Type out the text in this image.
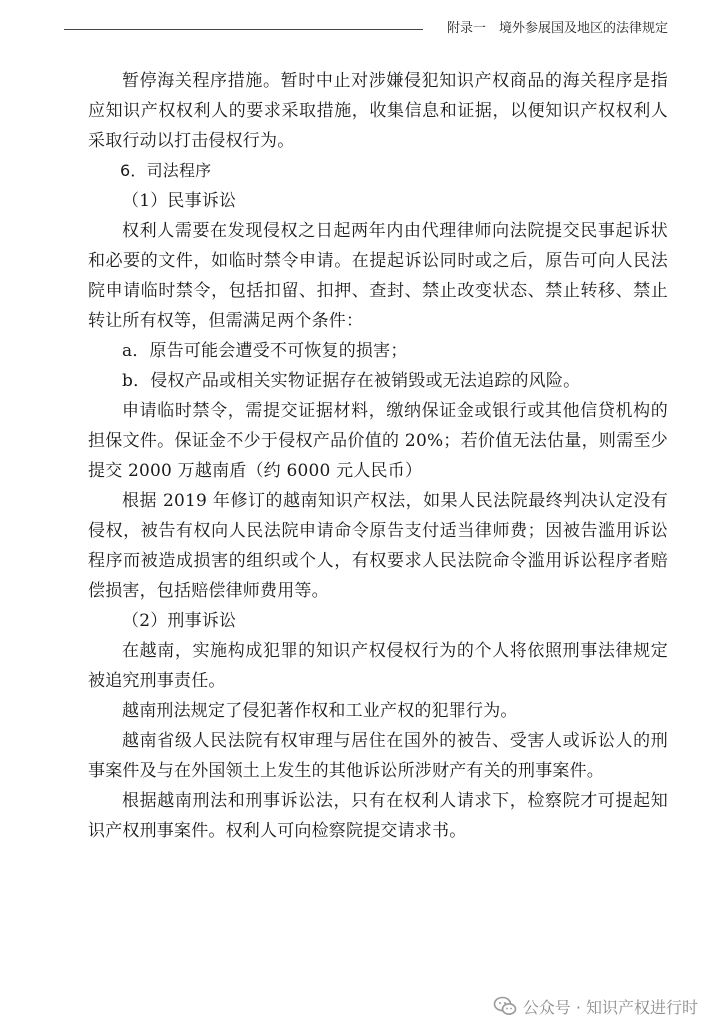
附录一　境外参展国及地区的法律规定

暂停海关程序措施。暂时中止对涉嫌侵犯知识产权商品的海关程序是指应知识产权权利人的要求采取措施，收集信息和证据，以便知识产权权利人采取行动以打击侵权行为。

6．司法程序

（1）民事诉讼

权利人需要在发现侵权之日起两年内由代理律师向法院提交民事起诉状和必要的文件，如临时禁令申请。在提起诉讼同时或之后，原告可向人民法院申请临时禁令，包括扣留、扣押、查封、禁止改变状态、禁止转移、禁止转让所有权等，但需满足两个条件：

a．原告可能会遭受不可恢复的损害；

b．侵权产品或相关实物证据存在被销毁或无法追踪的风险。

申请临时禁令，需提交证据材料，缴纳保证金或银行或其他信贷机构的担保文件。保证金不少于侵权产品价值的 20%；若价值无法估量，则需至少提交 2000 万越南盾（约 6000 元人民币）

根据 2019 年修订的越南知识产权法，如果人民法院最终判决认定没有侵权，被告有权向人民法院申请命令原告支付适当律师费；因被告滥用诉讼程序而被造成损害的组织或个人，有权要求人民法院命令滥用诉讼程序者赔偿损害，包括赔偿律师费用等。

（2）刑事诉讼

在越南，实施构成犯罪的知识产权侵权行为的个人将依照刑事法律规定被追究刑事责任。

越南刑法规定了侵犯著作权和工业产权的犯罪行为。

越南省级人民法院有权审理与居住在国外的被告、受害人或诉讼人的刑事案件及与在外国领土上发生的其他诉讼所涉财产有关的刑事案件。

根据越南刑法和刑事诉讼法，只有在权利人请求下，检察院才可提起知识产权刑事案件。权利人可向检察院提交请求书。

公众号 · 知识产权进行时
